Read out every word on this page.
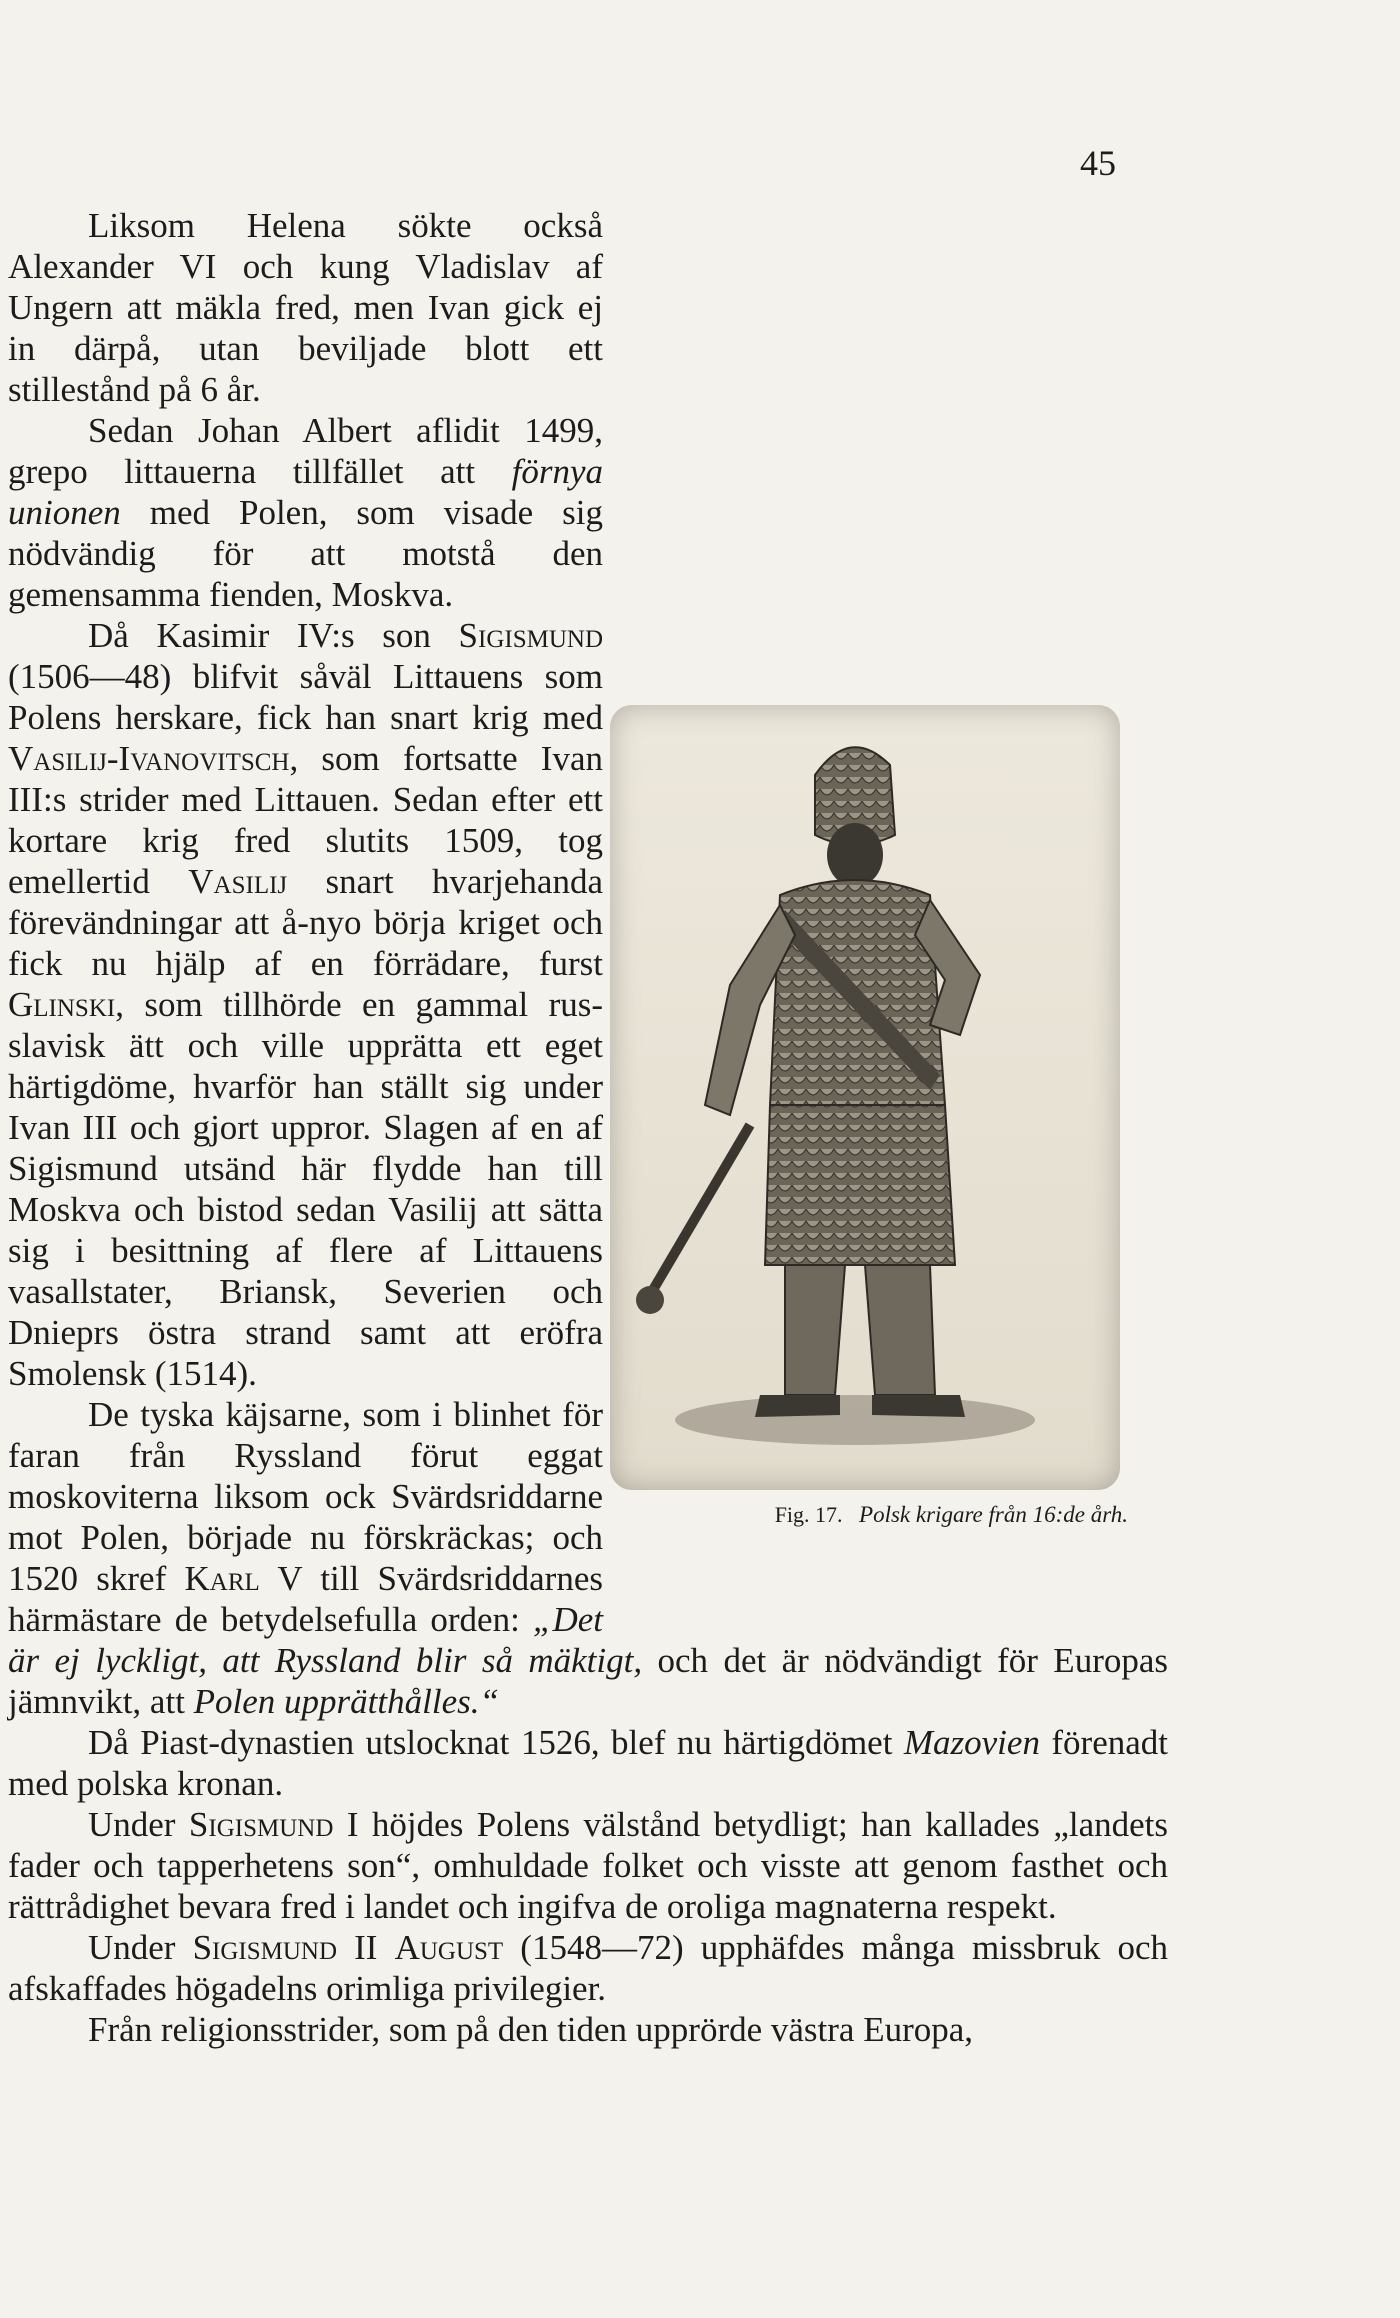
45
Fig. 17. Polsk krigare från 16:de årh.

Liksom Helena sökte också Alexander VI och kung Vladislav af Ungern att mäkla fred, men Ivan gick ej in därpå, utan beviljade blott ett stillestånd på 6 år.

Sedan Johan Albert aflidit 1499, grepo littauerna tillfället att förnya unionen med Polen, som visade sig nödvändig för att motstå den gemensamma fienden, Moskva.

Då Kasimir IV:s son Sigismund (1506—48) blifvit såväl Littauens som Polens herskare, fick han snart krig med Vasilij-Ivanovitsch, som fortsatte Ivan III:s strider med Littauen. Sedan efter ett kortare krig fred slutits 1509, tog emellertid Vasilij snart hvarjehanda förevändningar att å-nyo börja kriget och fick nu hjälp af en förrädare, furst Glinski, som tillhörde en gammal rus-slavisk ätt och ville upprätta ett eget härtigdöme, hvarför han ställt sig under Ivan III och gjort uppror. Slagen af en af Sigismund utsänd här flydde han till Moskva och bistod sedan Vasilij att sätta sig i besittning af flere af Littauens vasallstater, Briansk, Severien och Dnieprs östra strand samt att eröfra Smolensk (1514).

De tyska käjsarne, som i blinhet för faran från Ryssland förut eggat moskoviterna liksom ock Svärdsriddarne mot Polen, började nu förskräckas; och 1520 skref Karl V till Svärdsriddarnes härmästare de betydelsefulla orden: „Det är ej lyckligt, att Ryssland blir så mäktigt, och det är nödvändigt för Europas jämnvikt, att Polen upprätthålles.“

Då Piast-dynastien utslocknat 1526, blef nu härtigdömet Mazovien förenadt med polska kronan.

Under Sigismund I höjdes Polens välstånd betydligt; han kallades „landets fader och tapperhetens son“, omhuldade folket och visste att genom fasthet och rättrådighet bevara fred i landet och ingifva de oroliga magnaterna respekt.

Under Sigismund II August (1548—72) upphäfdes många missbruk och afskaffades högadelns orimliga privilegier.

Från religionsstrider, som på den tiden upprörde västra Europa,
